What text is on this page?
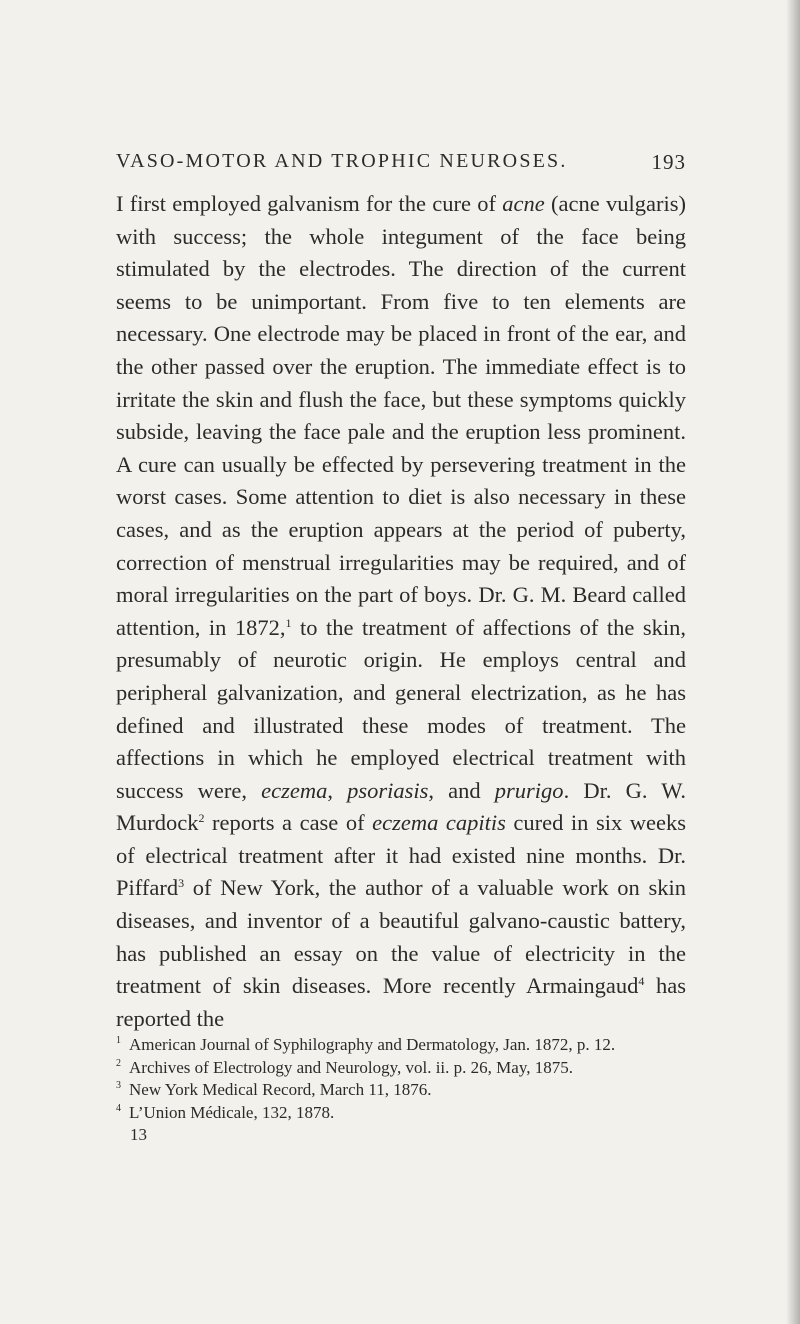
VASO-MOTOR AND TROPHIC NEUROSES.	193

I first employed galvanism for the cure of acne (acne vulgaris) with success; the whole integument of the face being stimulated by the electrodes. The direction of the current seems to be unimportant. From five to ten elements are necessary. One electrode may be placed in front of the ear, and the other passed over the eruption. The immediate effect is to irritate the skin and flush the face, but these symptoms quickly subside, leaving the face pale and the eruption less prominent. A cure can usually be effected by persevering treatment in the worst cases. Some attention to diet is also necessary in these cases, and as the eruption appears at the period of puberty, correction of menstrual irregularities may be required, and of moral irregularities on the part of boys. Dr. G. M. Beard called attention, in 1872,$^1$ to the treatment of affections of the skin, presumably of neurotic origin. He employs central and peripheral galvanization, and general electrization, as he has defined and illustrated these modes of treatment. The affections in which he employed electrical treatment with success were, eczema, psoriasis, and prurigo. Dr. G. W. Murdock$^2$ reports a case of eczema capitis cured in six weeks of electrical treatment after it had existed nine months. Dr. Piffard$^3$ of New York, the author of a valuable work on skin diseases, and inventor of a beautiful galvano-caustic battery, has published an essay on the value of electricity in the treatment of skin diseases. More recently Armaingaud$^4$ has reported the

$^1$ American Journal of Syphilography and Dermatology, Jan. 1872, p. 12.

$^2$ Archives of Electrology and Neurology, vol. ii. p. 26, May, 1875.

$^3$ New York Medical Record, March 11, 1876.

$^4$ L’Union Médicale, 132, 1878.

13
